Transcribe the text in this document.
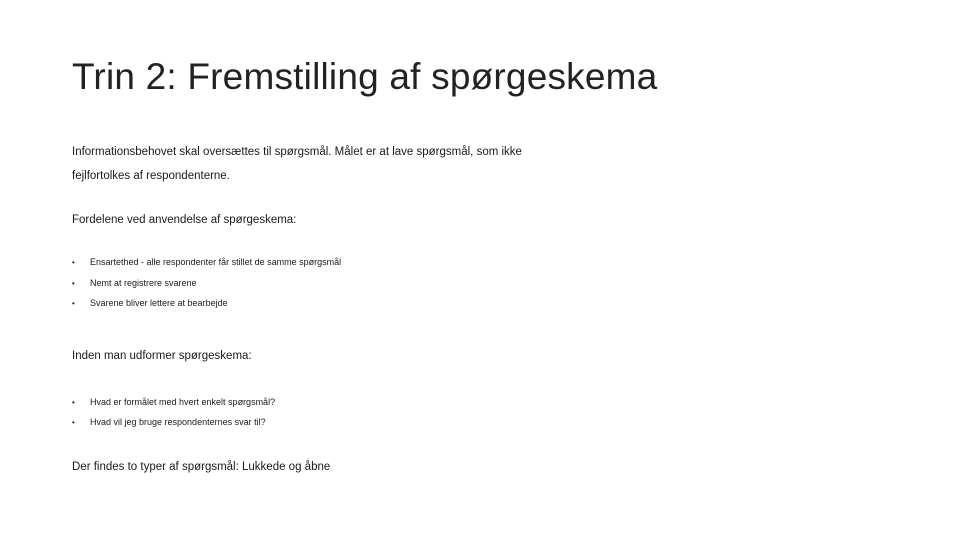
Trin 2: Fremstilling af spørgeskema
Informationsbehovet skal oversættes til spørgsmål. Målet er at lave spørgsmål, som ikke
fejlfortolkes af respondenterne.
Fordelene ved anvendelse af spørgeskema:
• Ensartethed - alle respondenter får stillet de samme spørgsmål
• Nemt at registrere svarene
• Svarene bliver lettere at bearbejde
Inden man udformer spørgeskema:
• Hvad er formålet med hvert enkelt spørgsmål?
• Hvad vil jeg bruge respondenternes svar til?
Der findes to typer af spørgsmål: Lukkede og åbne
